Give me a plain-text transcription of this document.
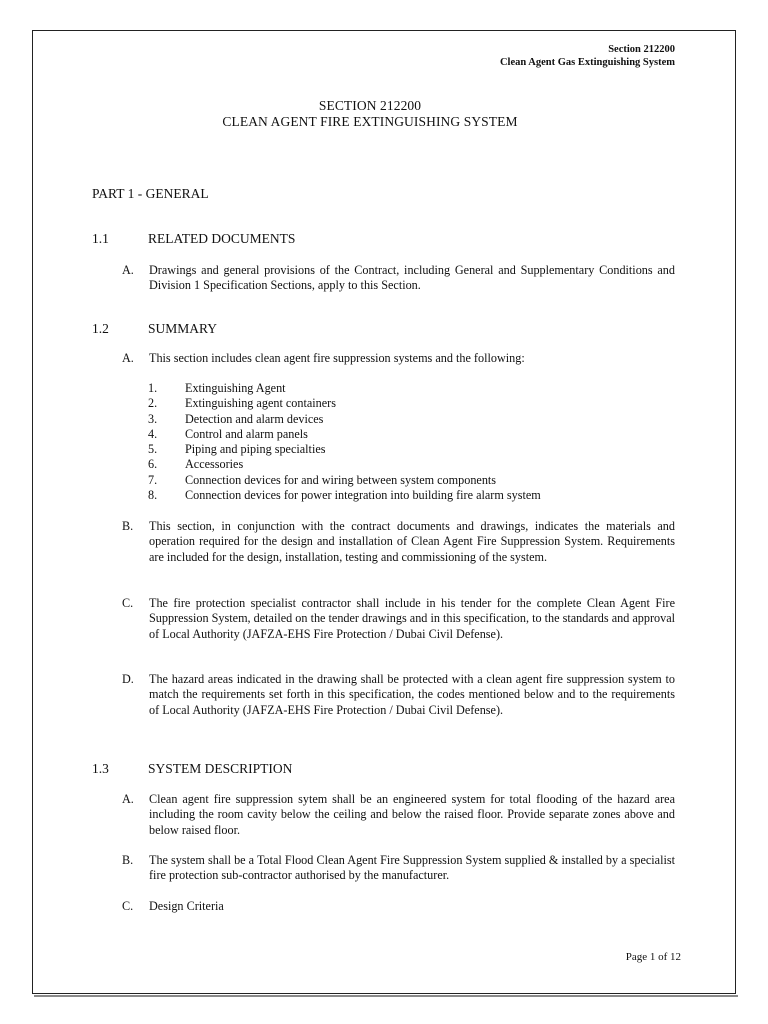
Section 212200
Clean Agent Gas Extinguishing System
SECTION 212200
CLEAN AGENT FIRE EXTINGUISHING SYSTEM
PART 1 - GENERAL
1.1	RELATED DOCUMENTS
A. Drawings and general provisions of the Contract, including General and Supplementary Conditions and Division 1 Specification Sections, apply to this Section.
1.2	SUMMARY
A. This section includes clean agent fire suppression systems and the following:
1. Extinguishing Agent
2. Extinguishing agent containers
3. Detection and alarm devices
4. Control and alarm panels
5. Piping and piping specialties
6. Accessories
7. Connection devices for and wiring between system components
8. Connection devices for power integration into building fire alarm system
B. This section, in conjunction with the contract documents and drawings, indicates the materials and operation required for the design and installation of Clean Agent Fire Suppression System. Requirements are included for the design, installation, testing and commissioning of the system.
C. The fire protection specialist contractor shall include in his tender for the complete Clean Agent Fire Suppression System, detailed on the tender drawings and in this specification, to the standards and approval of Local Authority (JAFZA-EHS Fire Protection / Dubai Civil Defense).
D. The hazard areas indicated in the drawing shall be protected with a clean agent fire suppression system to match the requirements set forth in this specification, the codes mentioned below and to the requirements of Local Authority (JAFZA-EHS Fire Protection / Dubai Civil Defense).
1.3	SYSTEM DESCRIPTION
A. Clean agent fire suppression sytem shall be an engineered system for total flooding of the hazard area including the room cavity below the ceiling and below the raised floor. Provide separate zones above and below raised floor.
B. The system shall be a Total Flood Clean Agent Fire Suppression System supplied & installed by a specialist fire protection sub-contractor authorised by the manufacturer.
C. Design Criteria
Page 1 of 12
